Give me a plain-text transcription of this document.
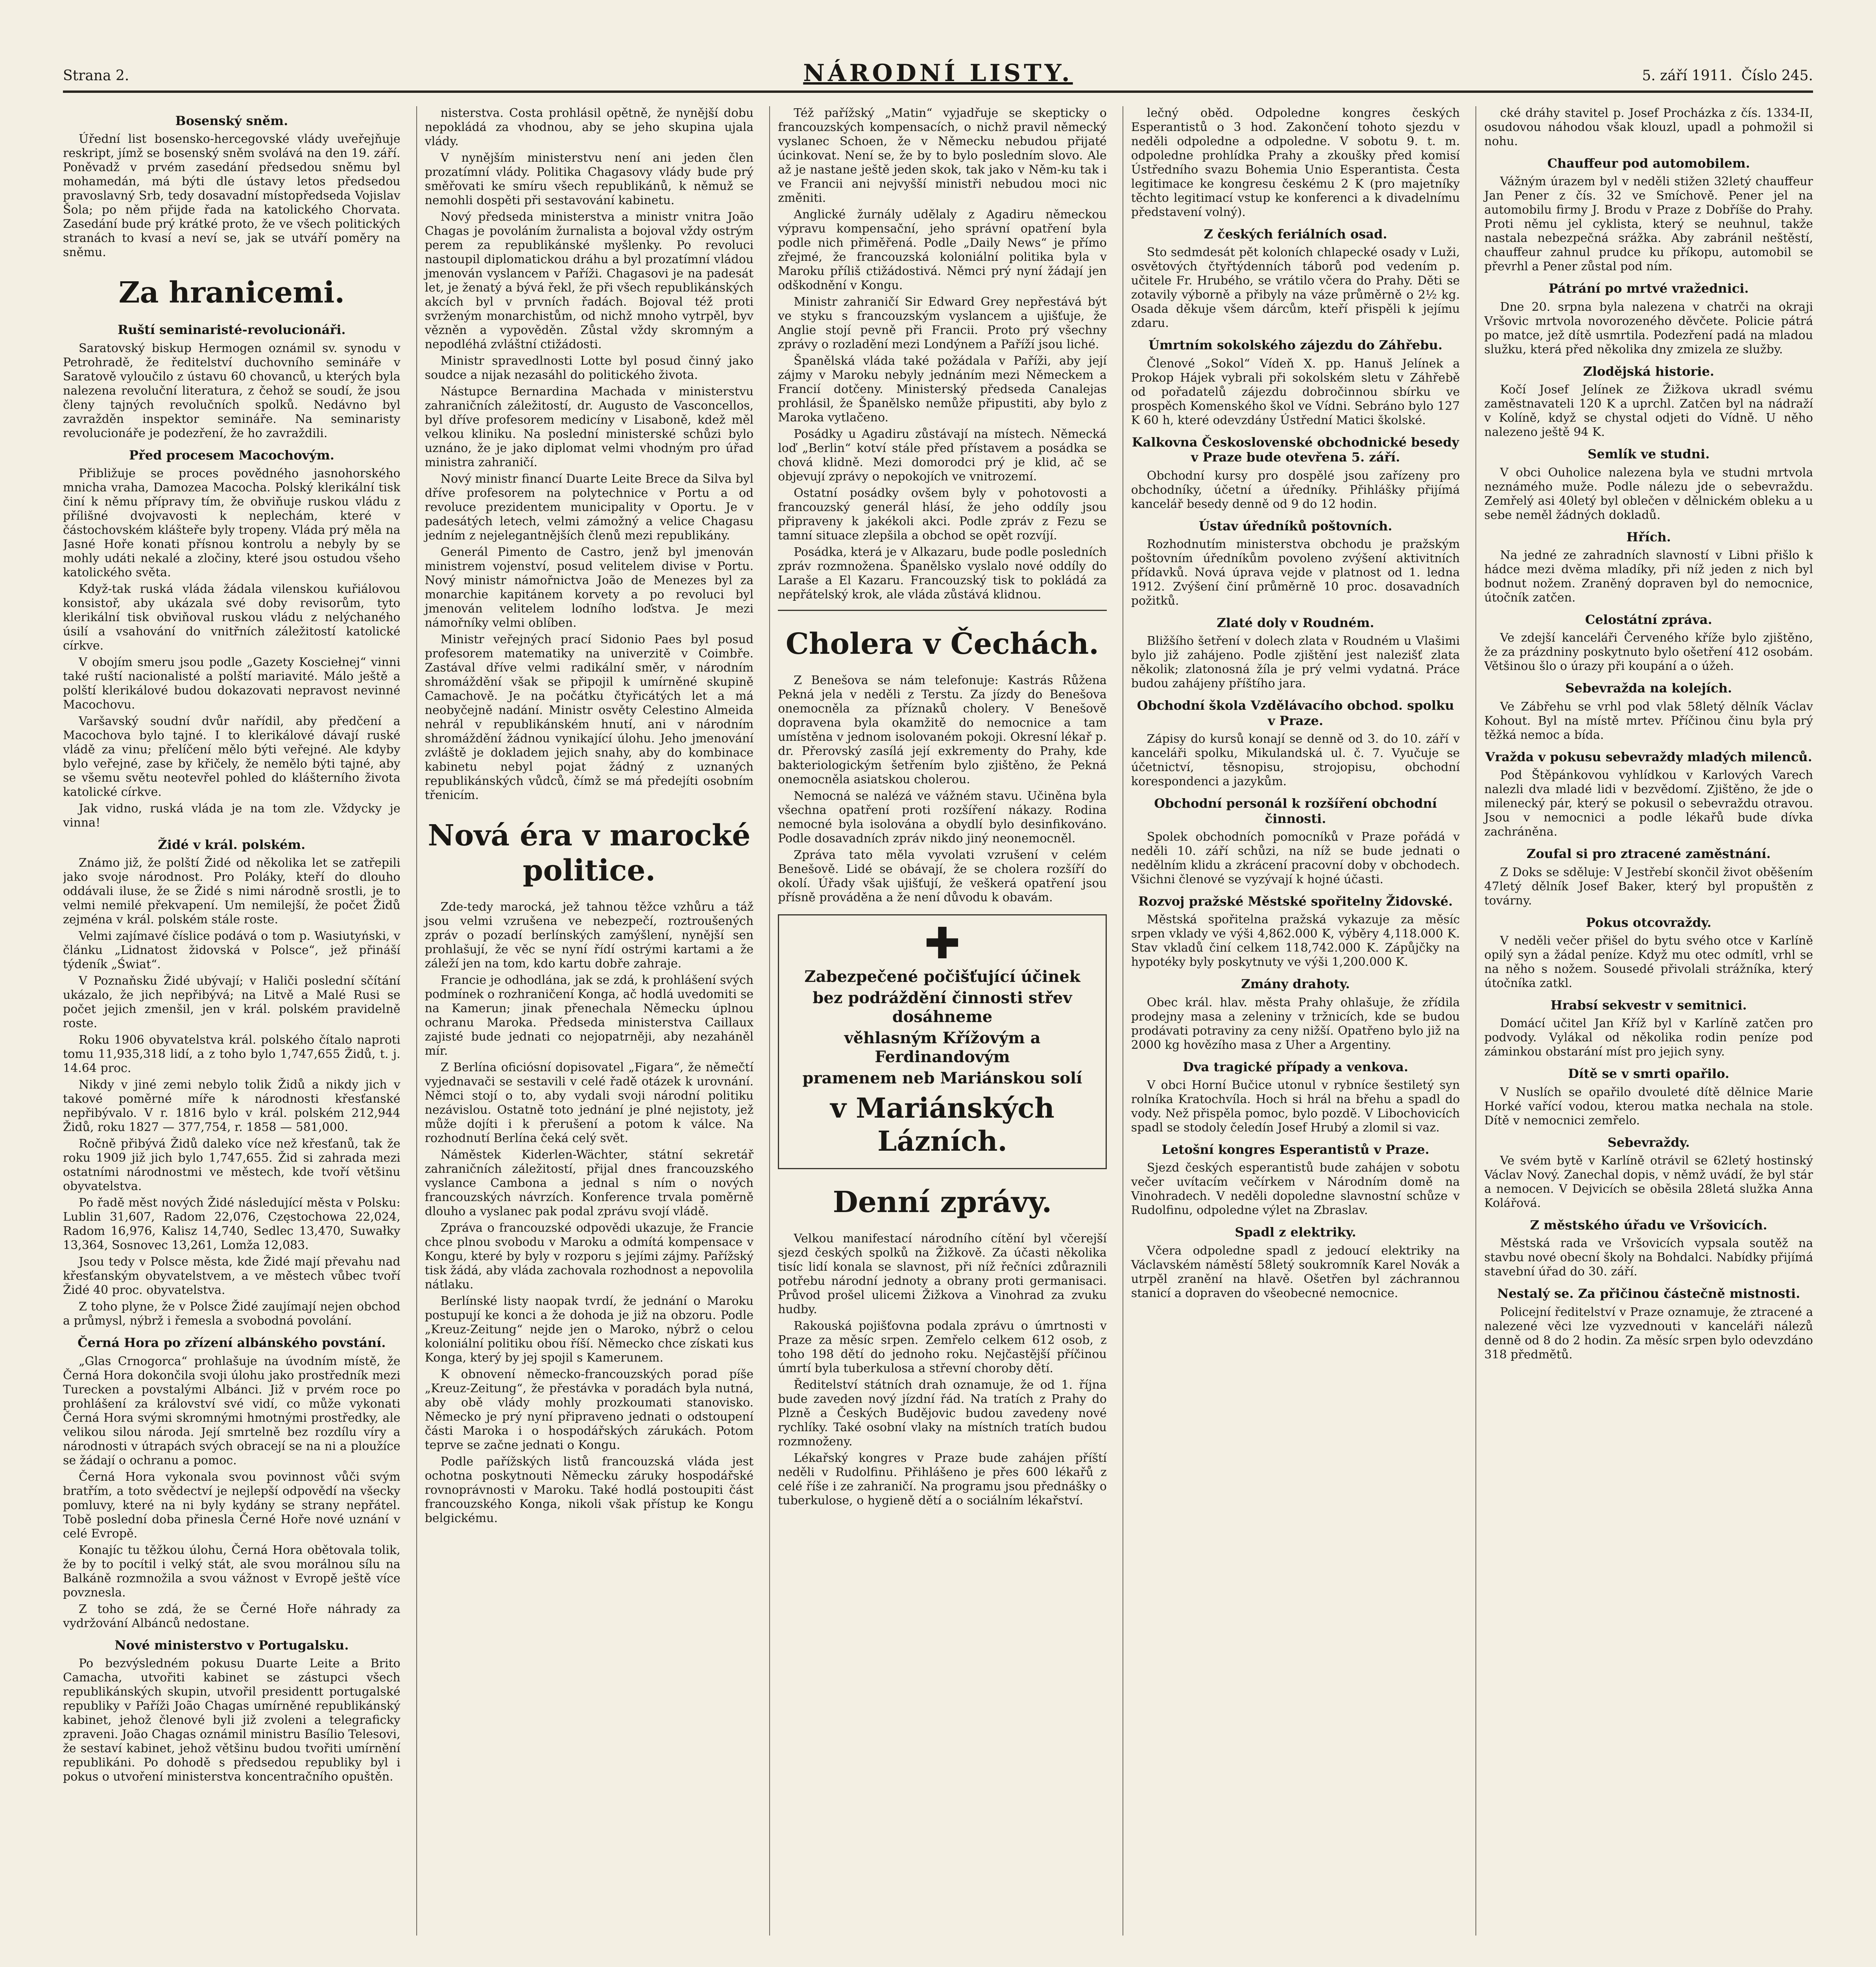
Strana 2.	NÁRODNÍ LISTY.	5. září 1911. Číslo 245.
Bosenský sněm.

Úřední list bosensko-hercegovské vlády uveřejňuje reskript, jímž se bosenský sněm svolává na den 19. září. Poněvadž v prvém zasedání předsedou sněmu byl mohamedán, má býti dle ústavy letos předsedou pravoslavný Srb, tedy dosavadní místopředseda Vojislav Šola; po něm přijde řada na katolického Chorvata. Zasedání bude prý krátké proto, že ve všech politických stranách to kvasí a neví se, jak se utváří poměry na sněmu.

Za hranicemi.
Ruští seminaristé-revolucionáři.

Saratovský biskup Hermogen oznámil sv. synodu v Petrohradě, že ředitelství duchovního semináře v Saratově vyloučilo z ústavu 60 chovanců, u kterých byla nalezena revoluční literatura, z čehož se soudí, že jsou členy tajných revolučních spolků. Nedávno byl zavražděn inspektor semináře. Na seminaristy revolucionáře je podezření, že ho zavraždili.

Před procesem Macochovým.

Přibližuje se proces povědného jasnohorského mnicha vraha, Damozea Macocha. Polský klerikální tisk činí k němu přípravy tím, že obviňuje ruskou vládu z přílišné dvojvavosti k neplechám, které v částochovském klášteře byly tropeny. Vláda prý měla na Jasné Hoře konati přísnou kontrolu a nebyly by se mohly udáti nekalé a zločiny, které jsou ostudou všeho katolického světa.

Když-tak ruská vláda žádala vilenskou kuřiálovou konsistoř, aby ukázala své doby revisorům, tyto klerikální tisk obviňoval ruskou vládu z nelýchaného úsilí a vsahování do vnitřních záležitostí katolické církve.

V obojím smeru jsou podle „Gazety Kosciełnej“ vinni také ruští nacionalisté a polští mariavité. Málo ještě a polští klerikálové budou dokazovati nepravost nevinné Macochovu.

Varšavský soudní dvůr nařídil, aby předčení a Macochova bylo tajné. I to klerikálové dávají ruské vládě za vinu; přelíčení mělo býti veřejné. Ale kdyby bylo veřejné, zase by křičely, že nemělo býti tajné, aby se všemu světu neotevřel pohled do klášterního života katolické církve.

Jak vidno, ruská vláda je na tom zle. Vždycky je vinna!

Židé v král. polském.

Známo již, že polští Židé od několika let se zatřepili jako svoje národnost. Pro Poláky, kteří do dlouho oddávali iluse, že se Židé s nimi národně srostli, je to velmi nemilé překvapení. Um nemilejší, že počet Židů zejména v král. polském stále roste.

Velmi zajímavé číslice podává o tom p. Wasiutyński, v článku „Lidnatost židovská v Polsce“, jež přináší týdeník „Świat“.

V Poznaňsku Židé ubývají; v Haliči poslední sčítání ukázalo, že jich nepřibývá; na Litvě a Malé Rusi se počet jejich zmenšil, jen v král. polském pravidelně roste.

Roku 1906 obyvatelstva král. polského čítalo naproti tomu 11,935,318 lidí, a z toho bylo 1,747,655 Židů, t. j. 14.64 proc.

Nikdy v jiné zemi nebylo tolik Židů a nikdy jich v takové poměrné míře k národnosti křesťanské nepřibývalo. V r. 1816 bylo v král. polském 212,944 Židů, roku 1827 — 377,754, r. 1858 — 581,000.

Ročně přibývá Židů daleko více než křesťanů, tak že roku 1909 již jich bylo 1,747,655. Žid si zahrada mezi ostatními národnostmi ve městech, kde tvoří většinu obyvatelstva.

Po řadě měst nových Židé následující města v Polsku: Lublin 31,607, Radom 22,076, Częstochowa 22,024, Radom 16,976, Kalisz 14,740, Sedlec 13,470, Suwałky 13,364, Sosnovec 13,261, Lomža 12,083.

Jsou tedy v Polsce města, kde Židé mají převahu nad křesťanským obyvatelstvem, a ve městech vůbec tvoří Židé 40 proc. obyvatelstva.

Z toho plyne, že v Polsce Židé zaujímají nejen obchod a průmysl, nýbrž i řemesla a svobodná povolání.

Černá Hora po zřízení albánského povstání.

„Glas Crnogorca“ prohlašuje na úvodním místě, že Černá Hora dokončila svoji úlohu jako prostředník mezi Turecken a povstalými Albánci. Již v prvém roce po prohlášení za království své vidí, co může vykonati Černá Hora svými skromnými hmotnými prostředky, ale velikou silou národa. Její smrtelně bez rozdílu víry a národnosti v útrapách svých obracejí se na ni a ploužíce se žádají o ochranu a pomoc.

Černá Hora vykonala svou povinnost vůči svým bratřím, a toto svědectví je nejlepší odpovědí na všecky pomluvy, které na ni byly kydány se strany nepřátel. Tobě poslední doba přinesla Černé Hoře nové uznání v celé Evropě.

Konajíc tu těžkou úlohu, Černá Hora obětovala tolik, že by to pocítil i velký stát, ale svou morálnou sílu na Balkáně rozmnožila a svou vážnost v Evropě ještě více povznesla.

Z toho se zdá, že se Černé Hoře náhrady za vydržování Albánců nedostane.

Nové ministerstvo v Portugalsku.

Po bezvýsledném pokusu Duarte Leite a Brito Camacha, utvořiti kabinet se zástupci všech republikánských skupin, utvořil presidentt portugalské republiky v Paříži João Chagas umírněné republikánský kabinet, jehož členové byli již zvoleni a telegraficky zpraveni. João Chagas oznámil ministru Basílio Telesovi, že sestaví kabinet, jehož většinu budou tvořiti umírnění republikáni. Po dohodě s předsedou republiky byl i pokus o utvoření ministerstva koncentračního opuštěn.

nisterstva. Costa prohlásil opětně, že nynější dobu nepokládá za vhodnou, aby se jeho skupina ujala vlády.

V nynějším ministerstvu není ani jeden člen prozatímní vlády. Politika Chagasovy vlády bude prý směřovati ke smíru všech republikánů, k němuž se nemohli dospěti při sestavování kabinetu.

Nový předseda ministerstva a ministr vnitra João Chagas je povoláním žurnalista a bojoval vždy ostrým perem za republikánské myšlenky. Po revoluci nastoupil diplomatickou dráhu a byl prozatímní vládou jmenován vyslancem v Paříži. Chagasovi je na padesát let, je ženatý a bývá řekl, že při všech republikánských akcích byl v prvních řadách. Bojoval též proti svrženým monarchistům, od nichž mnoho vytrpěl, byv vězněn a vypověděn. Zůstal vždy skromným a nepodléhá zvláštní ctižádosti.

Ministr spravedlnosti Lotte byl posud činný jako soudce a nijak nezasáhl do politického života.

Nástupce Bernardina Machada v ministerstvu zahraničních záležitostí, dr. Augusto de Vasconcellos, byl dříve profesorem medicíny v Lisaboně, kdež měl velkou kliniku. Na poslední ministerské schůzi bylo uznáno, že je jako diplomat velmi vhodným pro úřad ministra zahraničí.

Nový ministr financí Duarte Leite Brece da Silva byl dříve profesorem na polytechnice v Portu a od revoluce prezidentem municipality v Oportu. Je v padesátých letech, velmi zámožný a velice Chagasu jedním z nejelegantnějších členů mezi republikány.

Generál Pimento de Castro, jenž byl jmenován ministrem vojenství, posud velitelem divise v Portu. Nový ministr námořnictva João de Menezes byl za monarchie kapitánem korvety a po revoluci byl jmenován velitelem lodního loďstva. Je mezi námořníky velmi oblíben.

Ministr veřejných prací Sidonio Paes byl posud profesorem matematiky na univerzitě v Coimbře. Zastával dříve velmi radikální směr, v národním shromáždění však se připojil k umírněné skupině Camachově. Je na počátku čtyřicátých let a má neobyčejně nadání. Ministr osvěty Celestino Almeida nehrál v republikánském hnutí, ani v národním shromáždění žádnou vynikající úlohu. Jeho jmenování zvláště je dokladem jejich snahy, aby do kombinace kabinetu nebyl pojat žádný z uznaných republikánských vůdců, čímž se má předejíti osobním třenicím.

Nová éra v marocké politice.

Zde-tedy marocká, jež tahnou těžce vzhůru a táž jsou velmi vzrušena ve nebezpečí, roztroušených zpráv o pozadí berlínských zamýšlení, nynější sen prohlašují, že věc se nyní řídí ostrými kartami a že záleží jen na tom, kdo kartu dobře zahraje.

Francie je odhodlána, jak se zdá, k prohlášení svých podmínek o rozhraničení Konga, ač hodlá uvedomiti se na Kamerun; jinak přenechala Německu úplnou ochranu Maroka. Předseda ministerstva Caillaux zajisté bude jednati co nejopatrněji, aby nezaháněl mír.

Z Berlína oficiósní dopisovatel „Figara“, že němečtí vyjednavači se sestavili v celé řadě otázek k urovnání. Němci stojí o to, aby vydali svoji národní politiku nezávislou. Ostatně toto jednání je plné nejistoty, jež může dojíti i k přerušení a potom k válce. Na rozhodnutí Berlína čeká celý svět.

Náměstek Kiderlen-Wächter, státní sekretář zahraničních záležitostí, přijal dnes francouzského vyslance Cambona a jednal s ním o nových francouzských návrzích. Konference trvala poměrně dlouho a vyslanec pak podal zprávu svojí vládě.

Zpráva o francouzské odpovědi ukazuje, že Francie chce plnou svobodu v Maroku a odmítá kompensace v Kongu, které by byly v rozporu s jejími zájmy. Pařížský tisk žádá, aby vláda zachovala rozhodnost a nepovolila nátlaku.

Berlínské listy naopak tvrdí, že jednání o Maroku postupují ke konci a že dohoda je již na obzoru. Podle „Kreuz-Zeitung“ nejde jen o Maroko, nýbrž o celou koloniální politiku obou říší. Německo chce získati kus Konga, který by jej spojil s Kamerunem.

K obnovení německo-francouzských porad píše „Kreuz-Zeitung“, že přestávka v poradách byla nutná, aby obě vlády mohly prozkoumati stanovisko. Německo je prý nyní připraveno jednati o odstoupení části Maroka i o hospodářských zárukách. Potom teprve se začne jednati o Kongu.

Podle pařížských listů francouzská vláda jest ochotna poskytnouti Německu záruky hospodářské rovnoprávnosti v Maroku. Také hodlá postoupiti část francouzského Konga, nikoli však přístup ke Kongu belgickému.

Též pařížský „Matin“ vyjadřuje se skepticky o francouzských kompensacích, o nichž pravil německý vyslanec Schoen, že v Německu nebudou přijaté úcinkovat. Není se, že by to bylo posledním slovo. Ale až je nastane ještě jeden skok, tak jako v Něm-ku tak i ve Francii ani nejvyšší ministři nebudou moci nic změniti.

Anglické žurnály udělaly z Agadiru německou výpravu kompensační, jeho správní opatření byla podle nich přiměřená. Podle „Daily News“ je přímo zřejmé, že francouzská koloniální politika byla v Maroku příliš ctižádostivá. Němci prý nyní žádají jen odškodnění v Kongu.

Ministr zahraničí Sir Edward Grey nepřestává být ve styku s francouzským vyslancem a ujišťuje, že Anglie stojí pevně při Francii. Proto prý všechny zprávy o rozladění mezi Londýnem a Paříží jsou liché.

Španělská vláda také požádala v Paříži, aby její zájmy v Maroku nebyly jednáním mezi Německem a Francií dotčeny. Ministerský předseda Canalejas prohlásil, že Španělsko nemůže připustiti, aby bylo z Maroka vytlačeno.

Posádky u Agadiru zůstávají na místech. Německá loď „Berlin“ kotví stále před přístavem a posádka se chová klidně. Mezi domorodci prý je klid, ač se objevují zprávy o nepokojích ve vnitrozemí.

Ostatní posádky ovšem byly v pohotovosti a francouzský generál hlásí, že jeho oddíly jsou připraveny k jakékoli akci. Podle zpráv z Fezu se tamní situace zlepšila a obchod se opět rozvíjí.

Posádka, která je v Alkazaru, bude podle posledních zpráv rozmnožena. Španělsko vyslalo nové oddíly do Laraše a El Kazaru. Francouzský tisk to pokládá za nepřátelský krok, ale vláda zůstává klidnou.

Cholera v Čechách.

Z Benešova se nám telefonuje: Kastrás Růžena Pekná jela v neděli z Terstu. Za jízdy do Benešova onemocněla za příznaků cholery. V Benešově dopravena byla okamžitě do nemocnice a tam umístěna v jednom isolovaném pokoji. Okresní lékař p. dr. Přerovský zasílá její exkrementy do Prahy, kde bakteriologickým šetřením bylo zjištěno, že Pekná onemocněla asiatskou cholerou.

Nemocná se nalézá ve vážném stavu. Učiněna byla všechna opatření proti rozšíření nákazy. Rodina nemocné byla isolována a obydlí bylo desinfikováno. Podle dosavadních zpráv nikdo jiný neonemocněl.

Zpráva tato měla vyvolati vzrušení v celém Benešově. Lidé se obávají, že se cholera rozšíří do okolí. Úřady však ujišťují, že veškerá opatření jsou přísně prováděna a že není důvodu k obavám.

✚
Zabezpečené počišťující účinek
bez podráždění činnosti střev dosáhneme
věhlasným Křížovým a Ferdinandovým
pramenem neb Mariánskou solí
v Mariánských Lázních.
Denní zprávy.

Velkou manifestací národního cítění byl včerejší sjezd českých spolků na Žižkově. Za účasti několika tisíc lidí konala se slavnost, při níž řečníci zdůraznili potřebu národní jednoty a obrany proti germanisaci. Průvod prošel ulicemi Žižkova a Vinohrad za zvuku hudby.

Rakouská pojišťovna podala zprávu o úmrtnosti v Praze za měsíc srpen. Zemřelo celkem 612 osob, z toho 198 dětí do jednoho roku. Nejčastější příčinou úmrtí byla tuberkulosa a střevní choroby dětí.

Ředitelství státních drah oznamuje, že od 1. října bude zaveden nový jízdní řád. Na tratích z Prahy do Plzně a Českých Budějovic budou zavedeny nové rychlíky. Také osobní vlaky na místních tratích budou rozmnoženy.

Lékařský kongres v Praze bude zahájen příští neděli v Rudolfinu. Přihlášeno je přes 600 lékařů z celé říše i ze zahraničí. Na programu jsou přednášky o tuberkulose, o hygieně dětí a o sociálním lékařství.

lečný oběd. Odpoledne kongres českých Esperantistů o 3 hod. Zakončení tohoto sjezdu v neděli odpoledne a odpoledne. V sobotu 9. t. m. odpoledne prohlídka Prahy a zkoušky před komisí Ústředního svazu Bohemia Unio Esperantista. Česta legitimace ke kongresu českému 2 K (pro majetníky těchto legitimací vstup ke konferenci a k divadelnímu představení volný).

Z českých feriálních osad.

Sto sedmdesát pět koloních chlapecké osady v Luži, osvětových čtyřtýdenních táborů pod vedením p. učitele Fr. Hrubého, se vrátilo včera do Prahy. Děti se zotavily výborně a přibyly na váze průměrně o 2½ kg. Osada děkuje všem dárcům, kteří přispěli k jejímu zdaru.

Úmrtním sokolského zájezdu do Záhřebu.

Členové „Sokol“ Vídeň X. pp. Hanuš Jelínek a Prokop Hájek vybrali při sokolském sletu v Záhřebě od pořadatelů zájezdu dobročinnou sbírku ve prospěch Komenského škol ve Vídni. Sebráno bylo 127 K 60 h, které odevzdány Ústřední Matici školské.

Kalkovna Československé obchodnické besedy v Praze bude otevřena 5. září.

Obchodní kursy pro dospělé jsou zařízeny pro obchodníky, účetní a úředníky. Přihlášky přijímá kancelář besedy denně od 9 do 12 hodin.

Ústav úředníků poštovních.

Rozhodnutím ministerstva obchodu je pražským poštovním úředníkům povoleno zvýšení aktivitních přídavků. Nová úprava vejde v platnost od 1. ledna 1912. Zvýšení činí průměrně 10 proc. dosavadních požitků.

Zlaté doly v Roudném.

Bližšího šetření v dolech zlata v Roudném u Vlašimi bylo již zahájeno. Podle zjištění jest nalezišť zlata několik; zlatonosná žíla je prý velmi vydatná. Práce budou zahájeny příštího jara.

Obchodní škola Vzdělávacího obchod. spolku v Praze.

Zápisy do kursů konají se denně od 3. do 10. září v kanceláři spolku, Mikulandská ul. č. 7. Vyučuje se účetnictví, těsnopisu, strojopisu, obchodní korespondenci a jazykům.

Obchodní personál k rozšíření obchodní činnosti.

Spolek obchodních pomocníků v Praze pořádá v neděli 10. září schůzi, na níž se bude jednati o nedělním klidu a zkrácení pracovní doby v obchodech. Všichni členové se vyzývají k hojné účasti.

Rozvoj pražské Městské spořitelny Židovské.

Městská spořitelna pražská vykazuje za měsíc srpen vklady ve výši 4,862.000 K, výběry 4,118.000 K. Stav vkladů činí celkem 118,742.000 K. Zápůjčky na hypotéky byly poskytnuty ve výši 1,200.000 K.

Zmány drahoty.

Obec král. hlav. města Prahy ohlašuje, že zřídila prodejny masa a zeleniny v tržnicích, kde se budou prodávati potraviny za ceny nižší. Opatřeno bylo již na 2000 kg hovězího masa z Uher a Argentiny.

Dva tragické případy a venkova.

V obci Horní Bučice utonul v rybníce šestiletý syn rolníka Kratochvíla. Hoch si hrál na břehu a spadl do vody. Než přispěla pomoc, bylo pozdě. V Libochovicích spadl se stodoly čeledín Josef Hrubý a zlomil si vaz.

Letošní kongres Esperantistů v Praze.

Sjezd českých esperantistů bude zahájen v sobotu večer uvítacím večírkem v Národním domě na Vinohradech. V neděli dopoledne slavnostní schůze v Rudolfinu, odpoledne výlet na Zbraslav.

Spadl z elektriky.

Včera odpoledne spadl z jedoucí elektriky na Václavském náměstí 58letý soukromník Karel Novák a utrpěl zranění na hlavě. Ošetřen byl záchrannou stanicí a dopraven do všeobecné nemocnice.

cké dráhy stavitel p. Josef Procházka z čís. 1334-II, osudovou náhodou však klouzl, upadl a pohmožil si nohu.

Chauffeur pod automobilem.

Vážným úrazem byl v neděli stižen 32letý chauffeur Jan Pener z čís. 32 ve Smíchově. Pener jel na automobilu firmy J. Brodu v Praze z Dobříše do Prahy. Proti němu jel cyklista, který se neuhnul, takže nastala nebezpečná srážka. Aby zabránil neštěstí, chauffeur zahnul prudce ku příkopu, automobil se převrhl a Pener zůstal pod ním.

Pátrání po mrtvé vražednici.

Dne 20. srpna byla nalezena v chatrči na okraji Vršovic mrtvola novorozeného děvčete. Policie pátrá po matce, jež dítě usmrtila. Podezření padá na mladou služku, která před několika dny zmizela ze služby.

Zlodějská historie.

Kočí Josef Jelínek ze Žižkova ukradl svému zaměstnavateli 120 K a uprchl. Zatčen byl na nádraží v Kolíně, když se chystal odjeti do Vídně. U něho nalezeno ještě 94 K.

Semlík ve studni.

V obci Ouholice nalezena byla ve studni mrtvola neznámého muže. Podle nálezu jde o sebevraždu. Zemřelý asi 40letý byl oblečen v dělnickém obleku a u sebe neměl žádných dokladů.

Hřích.

Na jedné ze zahradních slavností v Libni přišlo k hádce mezi dvěma mladíky, při níž jeden z nich byl bodnut nožem. Zraněný dopraven byl do nemocnice, útočník zatčen.

Celostátní zpráva.

Ve zdejší kanceláři Červeného kříže bylo zjištěno, že za prázdniny poskytnuto bylo ošetření 412 osobám. Většinou šlo o úrazy při koupání a o úžeh.

Sebevražda na kolejích.

Ve Zábřehu se vrhl pod vlak 58letý dělník Václav Kohout. Byl na místě mrtev. Příčinou činu byla prý těžká nemoc a bída.

Vražda v pokusu sebevraždy mladých milenců.

Pod Štěpánkovou vyhlídkou v Karlových Varech nalezli dva mladé lidi v bezvědomí. Zjištěno, že jde o milenecký pár, který se pokusil o sebevraždu otravou. Jsou v nemocnici a podle lékařů bude dívka zachráněna.

Zoufal si pro ztracené zaměstnání.

Z Doks se sděluje: V Jestřebí skončil život oběšením 47letý dělník Josef Baker, který byl propuštěn z továrny.

Pokus otcovraždy.

V neděli večer přišel do bytu svého otce v Karlíně opilý syn a žádal peníze. Když mu otec odmítl, vrhl se na něho s nožem. Sousedé přivolali strážníka, který útočníka zatkl.

Hrabsí sekvestr v semitnici.

Domácí učitel Jan Kříž byl v Karlíně zatčen pro podvody. Vylákal od několika rodin peníze pod záminkou obstarání míst pro jejich syny.

Dítě se v smrti opařilo.

V Nuslích se opařilo dvouleté dítě dělnice Marie Horké vařící vodou, kterou matka nechala na stole. Dítě v nemocnici zemřelo.

Sebevraždy.

Ve svém bytě v Karlíně otrávil se 62letý hostinský Václav Nový. Zanechal dopis, v němž uvádí, že byl stár a nemocen. V Dejvicích se oběsila 28letá služka Anna Kolářová.

Z městského úřadu ve Vršovicích.

Městská rada ve Vršovicích vypsala soutěž na stavbu nové obecní školy na Bohdalci. Nabídky přijímá stavební úřad do 30. září.

Nestalý se. Za přičinou částečně mistnosti.

Policejní ředitelství v Praze oznamuje, že ztracené a nalezené věci lze vyzvednouti v kanceláři nálezů denně od 8 do 2 hodin. Za měsíc srpen bylo odevzdáno 318 předmětů.
